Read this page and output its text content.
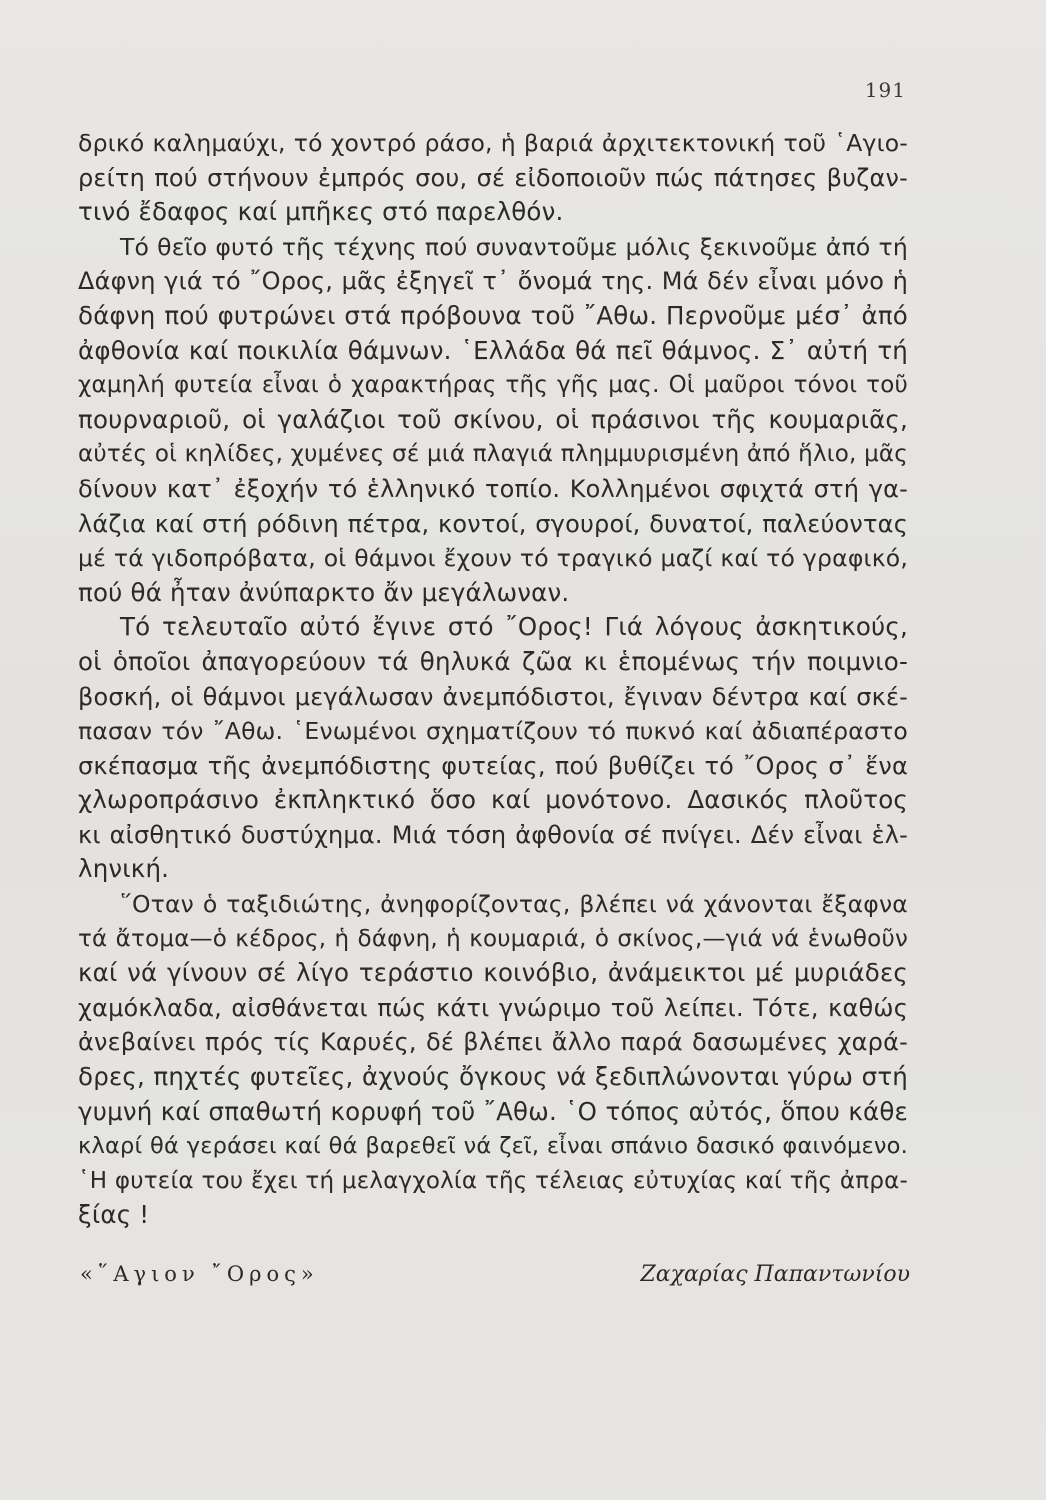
191
δρικό καλημαύχι, τό χοντρό ράσο, ἡ βαριά ἀρχιτεκτονική τοῦ ῾Αγιο-
ρείτη πού στήνουν ἐμπρός σου, σέ εἰδοποιοῦν πώς πάτησες βυζαν-
τινό ἔδαφος καί μπῆκες στό παρελθόν.
Τό θεῖο φυτό τῆς τέχνης πού συναντοῦμε μόλις ξεκινοῦμε ἀπό τή
Δάφνη γιά τό ῎Ορος, μᾶς ἐξηγεῖ τ᾽ ὄνομά της. Μά δέν εἶναι μόνο ἡ
δάφνη πού φυτρώνει στά πρόβουνα τοῦ ῎Αθω. Περνοῦμε μέσ᾽ ἀπό
ἀφθονία καί ποικιλία θάμνων. ῾Ελλάδα θά πεῖ θάμνος. Σ᾽ αὐτή τή
χαμηλή φυτεία εἶναι ὁ χαρακτήρας τῆς γῆς μας. Οἱ μαῦροι τόνοι τοῦ
πουρναριοῦ, οἱ γαλάζιοι τοῦ σκίνου, οἱ πράσινοι τῆς κουμαριᾶς,
αὐτές οἱ κηλίδες, χυμένες σέ μιά πλαγιά πλημμυρισμένη ἀπό ἥλιο, μᾶς
δίνουν κατ᾽ ἐξοχήν τό ἑλληνικό τοπίο. Κολλημένοι σφιχτά στή γα-
λάζια καί στή ρόδινη πέτρα, κοντοί, σγουροί, δυνατοί, παλεύοντας
μέ τά γιδοπρόβατα, οἱ θάμνοι ἔχουν τό τραγικό μαζί καί τό γραφικό,
πού θά ἦταν ἀνύπαρκτο ἄν μεγάλωναν.
Τό τελευταῖο αὐτό ἔγινε στό ῎Ορος! Γιά λόγους ἀσκητικούς,
οἱ ὁποῖοι ἀπαγορεύουν τά θηλυκά ζῶα κι ἑπομένως τήν ποιμνιο-
βοσκή, οἱ θάμνοι μεγάλωσαν ἀνεμπόδιστοι, ἔγιναν δέντρα καί σκέ-
πασαν τόν ῎Αθω. ῾Ενωμένοι σχηματίζουν τό πυκνό καί ἀδιαπέραστο
σκέπασμα τῆς ἀνεμπόδιστης φυτείας, πού βυθίζει τό ῎Ορος σ᾽ ἕνα
χλωροπράσινο ἐκπληκτικό ὅσο καί μονότονο. Δασικός πλοῦτος
κι αἰσθητικό δυστύχημα. Μιά τόση ἀφθονία σέ πνίγει. Δέν εἶναι ἑλ-
ληνική.
῞Οταν ὁ ταξιδιώτης, ἀνηφορίζοντας, βλέπει νά χάνονται ἔξαφνα
τά ἄτομα—ὁ κέδρος, ἡ δάφνη, ἡ κουμαριά, ὁ σκίνος,—γιά νά ἑνωθοῦν
καί νά γίνουν σέ λίγο τεράστιο κοινόβιο, ἀνάμεικτοι μέ μυριάδες
χαμόκλαδα, αἰσθάνεται πώς κάτι γνώριμο τοῦ λείπει. Τότε, καθώς
ἀνεβαίνει πρός τίς Καρυές, δέ βλέπει ἄλλο παρά δασωμένες χαρά-
δρες, πηχτές φυτεῖες, ἀχνούς ὄγκους νά ξεδιπλώνονται γύρω στή
γυμνή καί σπαθωτή κορυφή τοῦ ῎Αθω. ῾Ο τόπος αὐτός, ὅπου κάθε
κλαρί θά γεράσει καί θά βαρεθεῖ νά ζεῖ, εἶναι σπάνιο δασικό φαινόμενο.
῾Η φυτεία του ἔχει τή μελαγχολία τῆς τέλειας εὐτυχίας καί τῆς ἀπρα-
ξίας !
«῞Αγιον ῎Ορος»	Ζαχαρίας Παπαντωνίου
